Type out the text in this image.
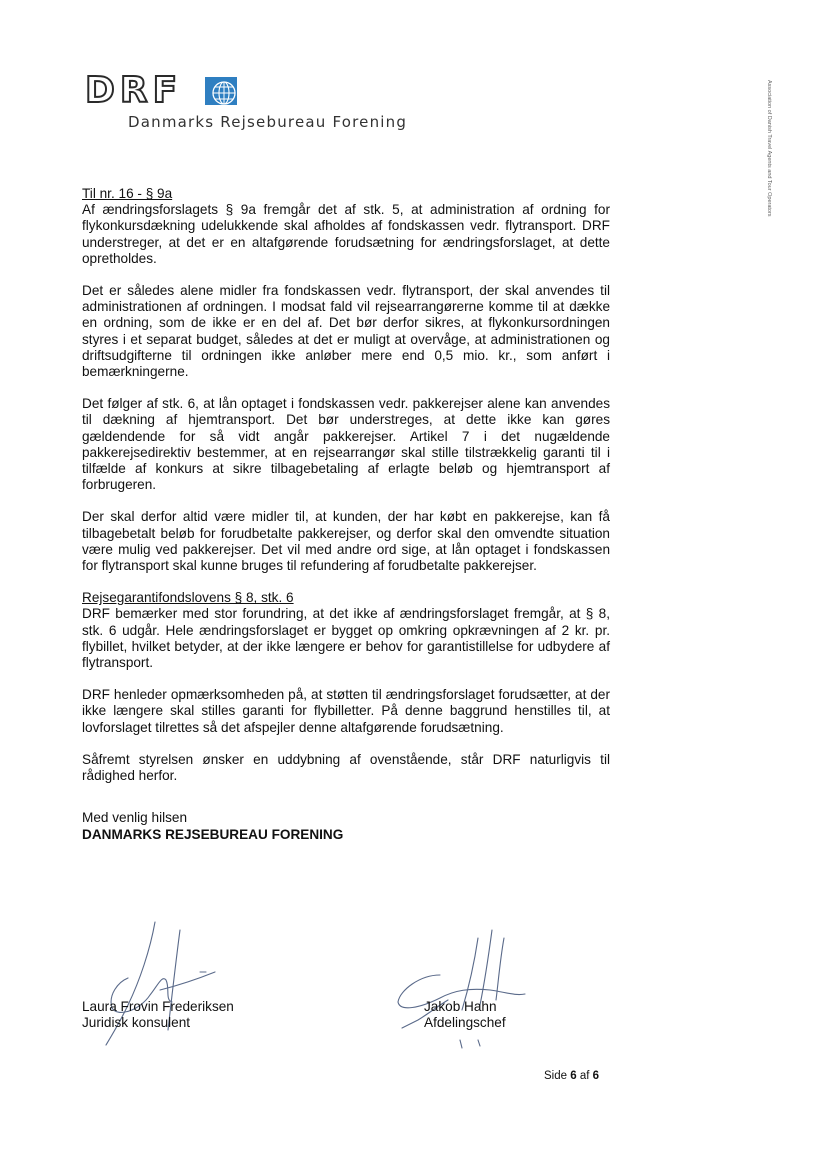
DRF
Danmarks Rejsebureau Forening	Association of Danish Travel Agents and Tour Operators

Til nr. 16 - § 9a
Af ændringsforslagets § 9a fremgår det af stk. 5, at administration af ordning for flykonkursdækning udelukkende skal afholdes af fondskassen vedr. flytransport. DRF understreger, at det er en altafgørende forudsætning for ændringsforslaget, at dette opretholdes.

Det er således alene midler fra fondskassen vedr. flytransport, der skal anvendes til administrationen af ordningen. I modsat fald vil rejsearrangørerne komme til at dække en ordning, som de ikke er en del af. Det bør derfor sikres, at flykonkursordningen styres i et separat budget, således at det er muligt at overvåge, at administrationen og driftsudgifterne til ordningen ikke anløber mere end 0,5 mio. kr., som anført i bemærkningerne.

Det følger af stk. 6, at lån optaget i fondskassen vedr. pakkerejser alene kan anvendes til dækning af hjemtransport. Det bør understreges, at dette ikke kan gøres gældendende for så vidt angår pakkerejser. Artikel 7 i det nugældende pakkerejsedirektiv bestemmer, at en rejsearrangør skal stille tilstrækkelig garanti til i tilfælde af konkurs at sikre tilbagebetaling af erlagte beløb og hjemtransport af forbrugeren.

Der skal derfor altid være midler til, at kunden, der har købt en pakkerejse, kan få tilbagebetalt beløb for forudbetalte pakkerejser, og derfor skal den omvendte situation være mulig ved pakkerejser. Det vil med andre ord sige, at lån optaget i fondskassen for flytransport skal kunne bruges til refundering af forudbetalte pakkerejser.

Rejsegarantifondslovens § 8, stk. 6
DRF bemærker med stor forundring, at det ikke af ændringsforslaget fremgår, at § 8, stk. 6 udgår. Hele ændringsforslaget er bygget op omkring opkrævningen af 2 kr. pr. flybillet, hvilket betyder, at der ikke længere er behov for garantistillelse for udbydere af flytransport.

DRF henleder opmærksomheden på, at støtten til ændringsforslaget forudsætter, at der ikke længere skal stilles garanti for flybilletter. På denne baggrund henstilles til, at lovforslaget tilrettes så det afspejler denne altafgørende forudsætning.

Såfremt styrelsen ønsker en uddybning af ovenstående, står DRF naturligvis til rådighed herfor.

Med venlig hilsen
DANMARKS REJSEBUREAU FORENING
Laura Frovin Frederiksen
Juridisk konsulent
Jakob Hahn
Afdelingschef
Side 6 af 6
